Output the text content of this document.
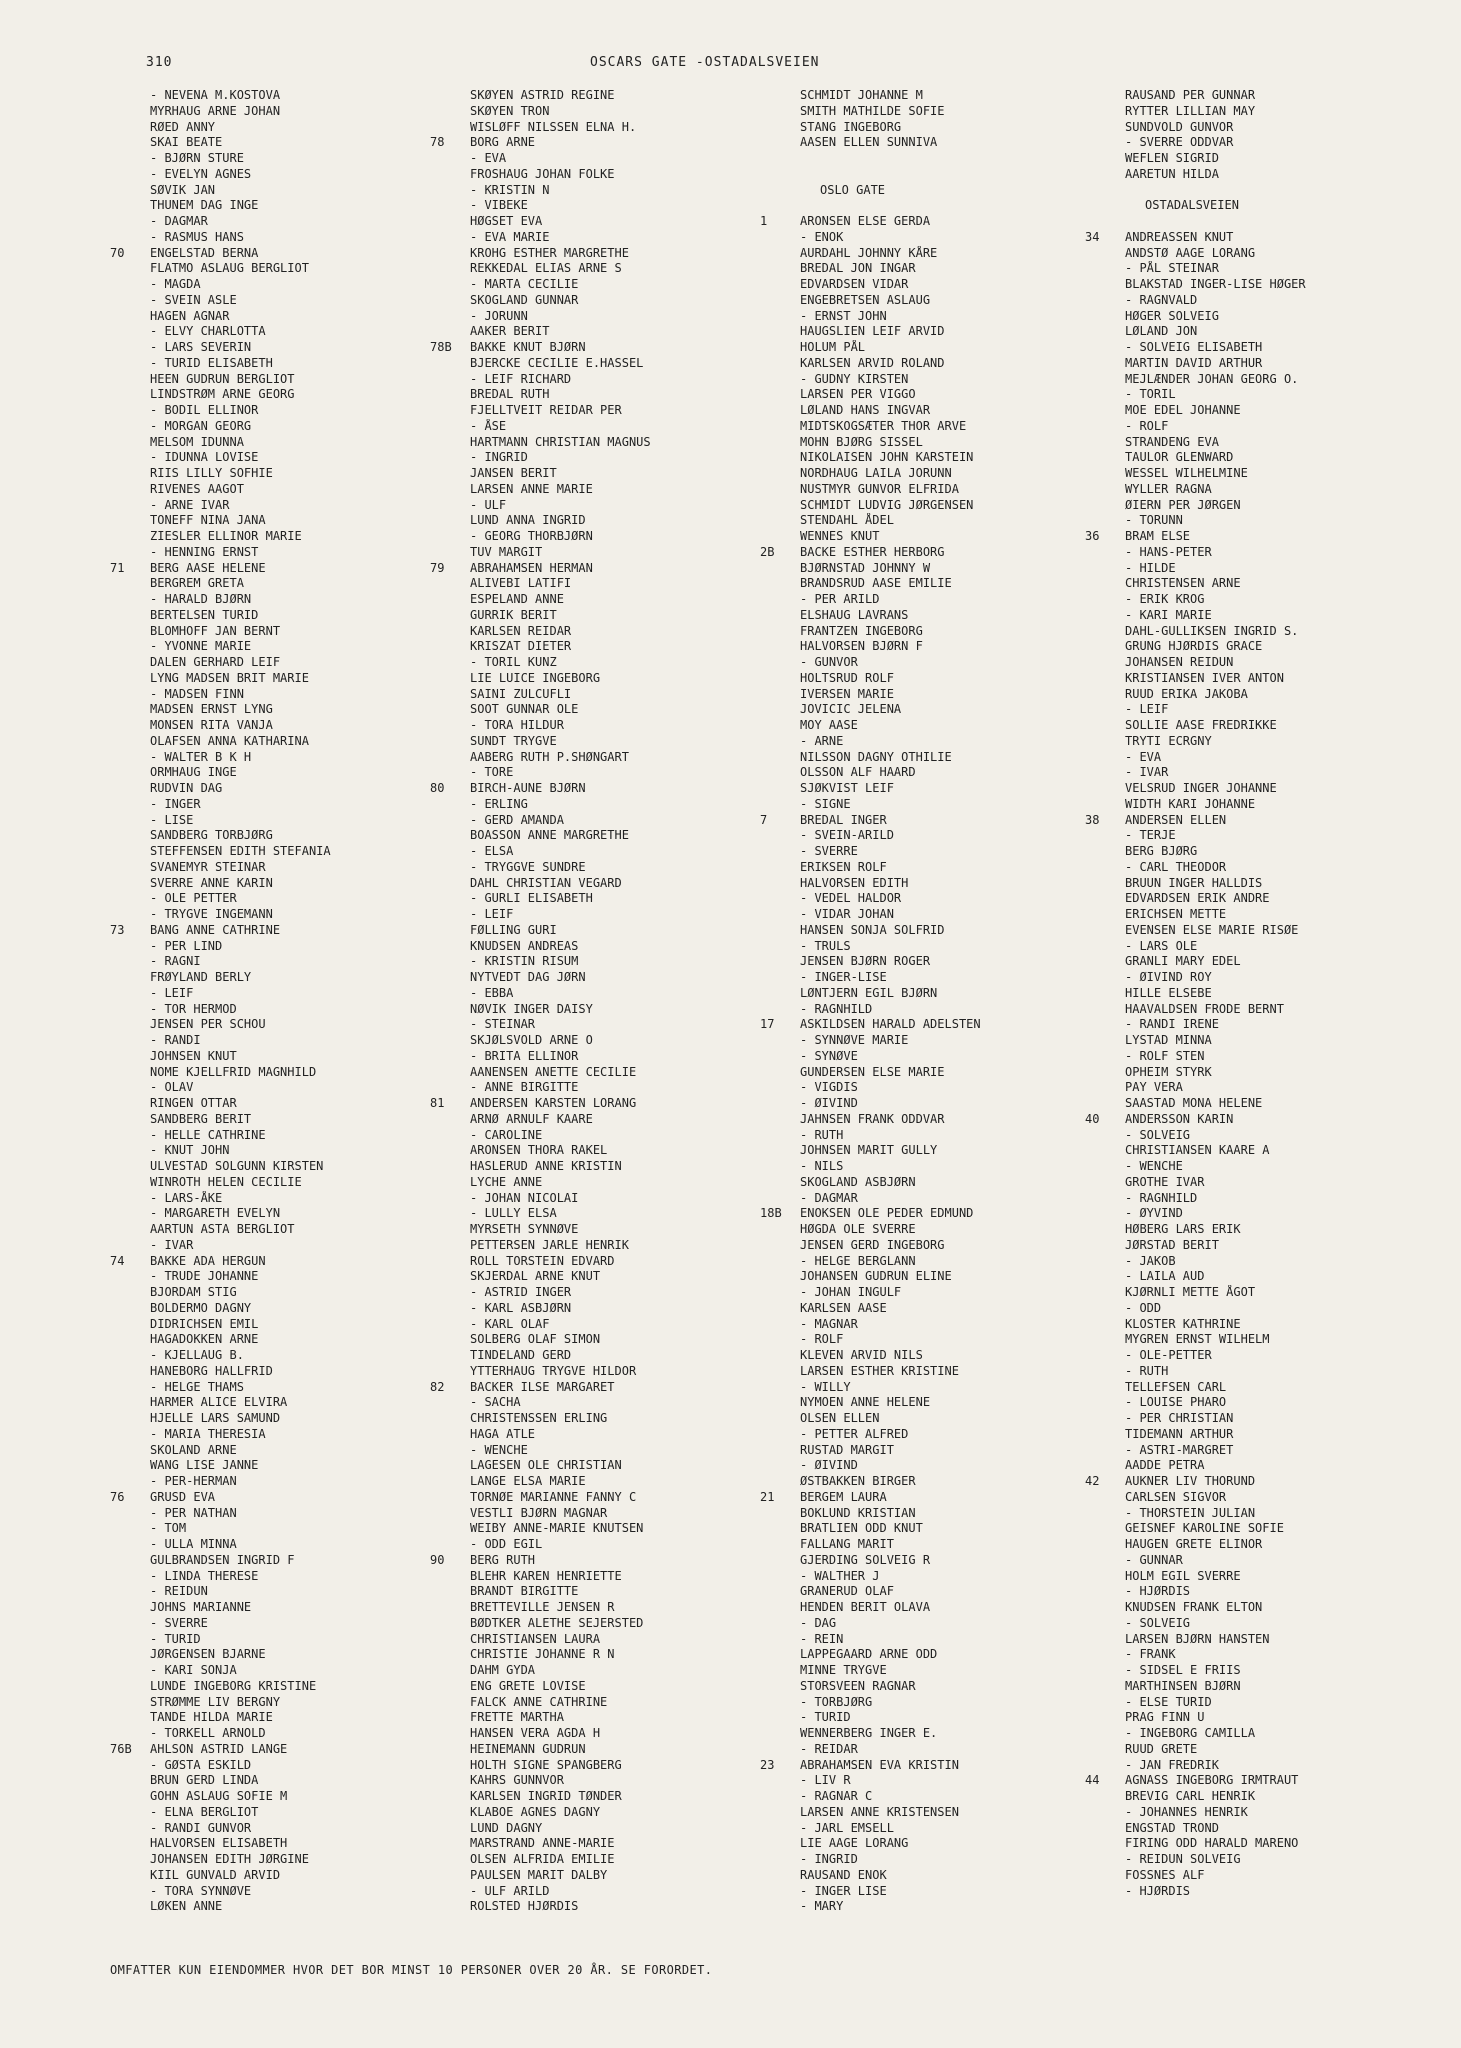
310	OSCARS GATE -OSTADALSVEIEN
- NEVENA M.KOSTOVA
MYRHAUG ARNE JOHAN
RØED ANNY
SKAI BEATE
- BJØRN STURE
- EVELYN AGNES
SØVIK JAN
THUNEM DAG INGE
- DAGMAR
- RASMUS HANS
70 ENGELSTAD BERNA
FLATMO ASLAUG BERGLIOT
- MAGDA
- SVEIN ASLE
HAGEN AGNAR
- ELVY CHARLOTTA
- LARS SEVERIN
- TURID ELISABETH
HEEN GUDRUN BERGLIOT
LINDSTRØM ARNE GEORG
- BODIL ELLINOR
- MORGAN GEORG
MELSOM IDUNNA
- IDUNNA LOVISE
RIIS LILLY SOFHIE
RIVENES AAGOT
- ARNE IVAR
TONEFF NINA JANA
ZIESLER ELLINOR MARIE
- HENNING ERNST
71 BERG AASE HELENE
BERGREM GRETA
- HARALD BJØRN
BERTELSEN TURID
BLOMHOFF JAN BERNT
- YVONNE MARIE
DALEN GERHARD LEIF
LYNG MADSEN BRIT MARIE
- MADSEN FINN
MADSEN ERNST LYNG
MONSEN RITA VANJA
OLAFSEN ANNA KATHARINA
- WALTER B K H
ORMHAUG INGE
RUDVIN DAG
- INGER
- LISE
SANDBERG TORBJØRG
STEFFENSEN EDITH STEFANIA
SVANEMYR STEINAR
SVERRE ANNE KARIN
- OLE PETTER
- TRYGVE INGEMANN
73 BANG ANNE CATHRINE
- PER LIND
- RAGNI
FRØYLAND BERLY
- LEIF
- TOR HERMOD
JENSEN PER SCHOU
- RANDI
JOHNSEN KNUT
NOME KJELLFRID MAGNHILD
- OLAV
RINGEN OTTAR
SANDBERG BERIT
- HELLE CATHRINE
- KNUT JOHN
ULVESTAD SOLGUNN KIRSTEN
WINROTH HELEN CECILIE
- LARS-ÅKE
- MARGARETH EVELYN
AARTUN ASTA BERGLIOT
- IVAR
74 BAKKE ADA HERGUN
- TRUDE JOHANNE
BJORDAM STIG
BOLDERMO DAGNY
DIDRICHSEN EMIL
HAGADOKKEN ARNE
- KJELLAUG B.
HANEBORG HALLFRID
- HELGE THAMS
HARMER ALICE ELVIRA
HJELLE LARS SAMUND
- MARIA THERESIA
SKOLAND ARNE
WANG LISE JANNE
- PER-HERMAN
76 GRUSD EVA
- PER NATHAN
- TOM
- ULLA MINNA
GULBRANDSEN INGRID F
- LINDA THERESE
- REIDUN
JOHNS MARIANNE
- SVERRE
- TURID
JØRGENSEN BJARNE
- KARI SONJA
LUNDE INGEBORG KRISTINE
STRØMME LIV BERGNY
TANDE HILDA MARIE
- TORKELL ARNOLD
76B AHLSON ASTRID LANGE
- GØSTA ESKILD
BRUN GERD LINDA
GOHN ASLAUG SOFIE M
- ELNA BERGLIOT
- RANDI GUNVOR
HALVORSEN ELISABETH
JOHANSEN EDITH JØRGINE
KIIL GUNVALD ARVID
- TORA SYNNØVE
LØKEN ANNE
SKØYEN ASTRID REGINE
SKØYEN TRON
WISLØFF NILSSEN ELNA H.
78 BORG ARNE
- EVA
FROSHAUG JOHAN FOLKE
- KRISTIN N
- VIBEKE
HØGSET EVA
- EVA MARIE
KROHG ESTHER MARGRETHE
REKKEDAL ELIAS ARNE S
- MARTA CECILIE
SKOGLAND GUNNAR
- JORUNN
AAKER BERIT
78B BAKKE KNUT BJØRN
BJERCKE CECILIE E.HASSEL
- LEIF RICHARD
BREDAL RUTH
FJELLTVEIT REIDAR PER
- ÅSE
HARTMANN CHRISTIAN MAGNUS
- INGRID
JANSEN BERIT
LARSEN ANNE MARIE
- ULF
LUND ANNA INGRID
- GEORG THORBJØRN
TUV MARGIT
79 ABRAHAMSEN HERMAN
ALIVEBI LATIFI
ESPELAND ANNE
GURRIK BERIT
KARLSEN REIDAR
KRISZAT DIETER
- TORIL KUNZ
LIE LUICE INGEBORG
SAINI ZULCUFLI
SOOT GUNNAR OLE
- TORA HILDUR
SUNDT TRYGVE
AABERG RUTH P.SHØNGART
- TORE
80 BIRCH-AUNE BJØRN
- ERLING
- GERD AMANDA
BOASSON ANNE MARGRETHE
- ELSA
- TRYGGVE SUNDRE
DAHL CHRISTIAN VEGARD
- GURLI ELISABETH
- LEIF
FØLLING GURI
KNUDSEN ANDREAS
- KRISTIN RISUM
NYTVEDT DAG JØRN
- EBBA
NØVIK INGER DAISY
- STEINAR
SKJØLSVOLD ARNE O
- BRITA ELLINOR
AANENSEN ANETTE CECILIE
- ANNE BIRGITTE
81 ANDERSEN KARSTEN LORANG
ARNØ ARNULF KAARE
- CAROLINE
ARONSEN THORA RAKEL
HASLERUD ANNE KRISTIN
LYCHE ANNE
- JOHAN NICOLAI
- LULLY ELSA
MYRSETH SYNNØVE
PETTERSEN JARLE HENRIK
ROLL TORSTEIN EDVARD
SKJERDAL ARNE KNUT
- ASTRID INGER
- KARL ASBJØRN
- KARL OLAF
SOLBERG OLAF SIMON
TINDELAND GERD
YTTERHAUG TRYGVE HILDOR
82 BACKER ILSE MARGARET
- SACHA
CHRISTENSSEN ERLING
HAGA ATLE
- WENCHE
LAGESEN OLE CHRISTIAN
LANGE ELSA MARIE
TORNØE MARIANNE FANNY C
VESTLI BJØRN MAGNAR
WEIBY ANNE-MARIE KNUTSEN
- ODD EGIL
90 BERG RUTH
BLEHR KAREN HENRIETTE
BRANDT BIRGITTE
BRETTEVILLE JENSEN R
BØDTKER ALETHE SEJERSTED
CHRISTIANSEN LAURA
CHRISTIE JOHANNE R N
DAHM GYDA
ENG GRETE LOVISE
FALCK ANNE CATHRINE
FRETTE MARTHA
HANSEN VERA AGDA H
HEINEMANN GUDRUN
HOLTH SIGNE SPANGBERG
KAHRS GUNNVOR
KARLSEN INGRID TØNDER
KLABOE AGNES DAGNY
LUND DAGNY
MARSTRAND ANNE-MARIE
OLSEN ALFRIDA EMILIE
PAULSEN MARIT DALBY
- ULF ARILD
ROLSTED HJØRDIS
SCHMIDT JOHANNE M
SMITH MATHILDE SOFIE
STANG INGEBORG
AASEN ELLEN SUNNIVA
OSLO GATE
1	ARONSEN ELSE GERDA
- ENOK
AURDAHL JOHNNY KÅRE
BREDAL JON INGAR
EDVARDSEN VIDAR
ENGEBRETSEN ASLAUG
- ERNST JOHN
HAUGSLIEN LEIF ARVID
HOLUM PÅL
KARLSEN ARVID ROLAND
- GUDNY KIRSTEN
LARSEN PER VIGGO
LØLAND HANS INGVAR
MIDTSKOGSÆTER THOR ARVE
MOHN BJØRG SISSEL
NIKOLAISEN JOHN KARSTEIN
NORDHAUG LAILA JORUNN
NUSTMYR GUNVOR ELFRIDA
SCHMIDT LUDVIG JØRGENSEN
STENDAHL ÅDEL
WENNES KNUT
2B BACKE ESTHER HERBORG
BJØRNSTAD JOHNNY W
BRANDSRUD AASE EMILIE
- PER ARILD
ELSHAUG LAVRANS
FRANTZEN INGEBORG
HALVORSEN BJØRN F
- GUNVOR
HOLTSRUD ROLF
IVERSEN MARIE
JOVICIC JELENA
MOY AASE
- ARNE
NILSSON DAGNY OTHILIE
OLSSON ALF HAARD
SJØKVIST LEIF
- SIGNE
7	BREDAL INGER
- SVEIN-ARILD
- SVERRE
ERIKSEN ROLF
HALVORSEN EDITH
- VEDEL HALDOR
- VIDAR JOHAN
HANSEN SONJA SOLFRID
- TRULS
JENSEN BJØRN ROGER
- INGER-LISE
LØNTJERN EGIL BJØRN
- RAGNHILD
17 ASKILDSEN HARALD ADELSTEN
- SYNNØVE MARIE
- SYNØVE
GUNDERSEN ELSE MARIE
- VIGDIS
- ØIVIND
JAHNSEN FRANK ODDVAR
- RUTH
JOHNSEN MARIT GULLY
- NILS
SKOGLAND ASBJØRN
- DAGMAR
18B ENOKSEN OLE PEDER EDMUND
HØGDA OLE SVERRE
JENSEN GERD INGEBORG
- HELGE BERGLANN
JOHANSEN GUDRUN ELINE
- JOHAN INGULF
KARLSEN AASE
- MAGNAR
- ROLF
KLEVEN ARVID NILS
LARSEN ESTHER KRISTINE
- WILLY
NYMOEN ANNE HELENE
OLSEN ELLEN
- PETTER ALFRED
RUSTAD MARGIT
- ØIVIND
ØSTBAKKEN BIRGER
21 BERGEM LAURA
BOKLUND KRISTIAN
BRATLIEN ODD KNUT
FALLANG MARIT
GJERDING SOLVEIG R
- WALTHER J
GRANERUD OLAF
HENDEN BERIT OLAVA
- DAG
- REIN
LAPPEGAARD ARNE ODD
MINNE TRYGVE
STORSVEEN RAGNAR
- TORBJØRG
- TURID
WENNERBERG INGER E.
- REIDAR
23 ABRAHAMSEN EVA KRISTIN
- LIV R
- RAGNAR C
LARSEN ANNE KRISTENSEN
- JARL EMSELL
LIE AAGE LORANG
- INGRID
RAUSAND ENOK
- INGER LISE
- MARY
RAUSAND PER GUNNAR
RYTTER LILLIAN MAY
SUNDVOLD GUNVOR
- SVERRE ODDVAR
WEFLEN SIGRID
AARETUN HILDA
OSTADALSVEIEN
34 ANDREASSEN KNUT
ANDSTØ AAGE LORANG
- PÅL STEINAR
BLAKSTAD INGER-LISE HØGER
- RAGNVALD
HØGER SOLVEIG
LØLAND JON
- SOLVEIG ELISABETH
MARTIN DAVID ARTHUR
MEJLÆNDER JOHAN GEORG O.
- TORIL
MOE EDEL JOHANNE
- ROLF
STRANDENG EVA
TAULOR GLENWARD
WESSEL WILHELMINE
WYLLER RAGNA
ØIERN PER JØRGEN
- TORUNN
36 BRAM ELSE
- HANS-PETER
- HILDE
CHRISTENSEN ARNE
- ERIK KROG
- KARI MARIE
DAHL-GULLIKSEN INGRID S.
GRUNG HJØRDIS GRACE
JOHANSEN REIDUN
KRISTIANSEN IVER ANTON
RUUD ERIKA JAKOBA
- LEIF
SOLLIE AASE FREDRIKKE
TRYTI ECRGNY
- EVA
- IVAR
VELSRUD INGER JOHANNE
WIDTH KARI JOHANNE
38 ANDERSEN ELLEN
- TERJE
BERG BJØRG
- CARL THEODOR
BRUUN INGER HALLDIS
EDVARDSEN ERIK ANDRE
ERICHSEN METTE
EVENSEN ELSE MARIE RISØE
- LARS OLE
GRANLI MARY EDEL
- ØIVIND ROY
HILLE ELSEBE
HAAVALDSEN FRODE BERNT
- RANDI IRENE
LYSTAD MINNA
- ROLF STEN
OPHEIM STYRK
PAY VERA
SAASTAD MONA HELENE
40 ANDERSSON KARIN
- SOLVEIG
CHRISTIANSEN KAARE A
- WENCHE
GROTHE IVAR
- RAGNHILD
- ØYVIND
HØBERG LARS ERIK
JØRSTAD BERIT
- JAKOB
- LAILA AUD
KJØRNLI METTE ÅGOT
- ODD
KLOSTER KATHRINE
MYGREN ERNST WILHELM
- OLE-PETTER
- RUTH
TELLEFSEN CARL
- LOUISE PHARO
- PER CHRISTIAN
TIDEMANN ARTHUR
- ASTRI-MARGRET
AADDE PETRA
42 AUKNER LIV THORUND
CARLSEN SIGVOR
- THORSTEIN JULIAN
GEISNEF KAROLINE SOFIE
HAUGEN GRETE ELINOR
- GUNNAR
HOLM EGIL SVERRE
- HJØRDIS
KNUDSEN FRANK ELTON
- SOLVEIG
LARSEN BJØRN HANSTEN
- FRANK
- SIDSEL E FRIIS
MARTHINSEN BJØRN
- ELSE TURID
PRAG FINN U
- INGEBORG CAMILLA
RUUD GRETE
- JAN FREDRIK
44 AGNASS INGEBORG IRMTRAUT
BREVIG CARL HENRIK
- JOHANNES HENRIK
ENGSTAD TROND
FIRING ODD HARALD MARENO
- REIDUN SOLVEIG
FOSSNES ALF
- HJØRDIS
OMFATTER KUN EIENDOMMER HVOR DET BOR MINST 10 PERSONER OVER 20 ÅR. SE FORORDET.
